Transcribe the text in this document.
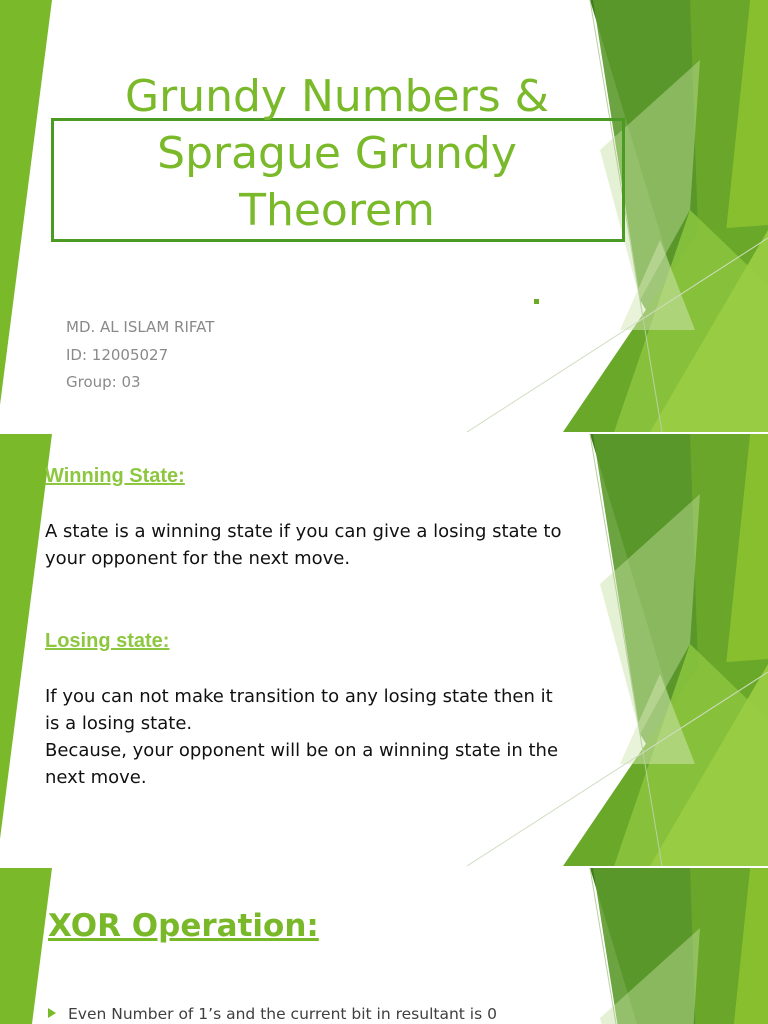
Grundy Numbers &
Sprague Grundy
Theorem
MD. AL ISLAM RIFAT
ID: 12005027
Group: 03
Winning State:

A state is a winning state if you can give a losing state to
your opponent for the next move.

Losing state:

If you can not make transition to any losing state then it
is a losing state.
Because, your opponent will be on a winning state in the
next move.

XOR Operation:
Even Number of 1’s and the current bit in resultant is 0
